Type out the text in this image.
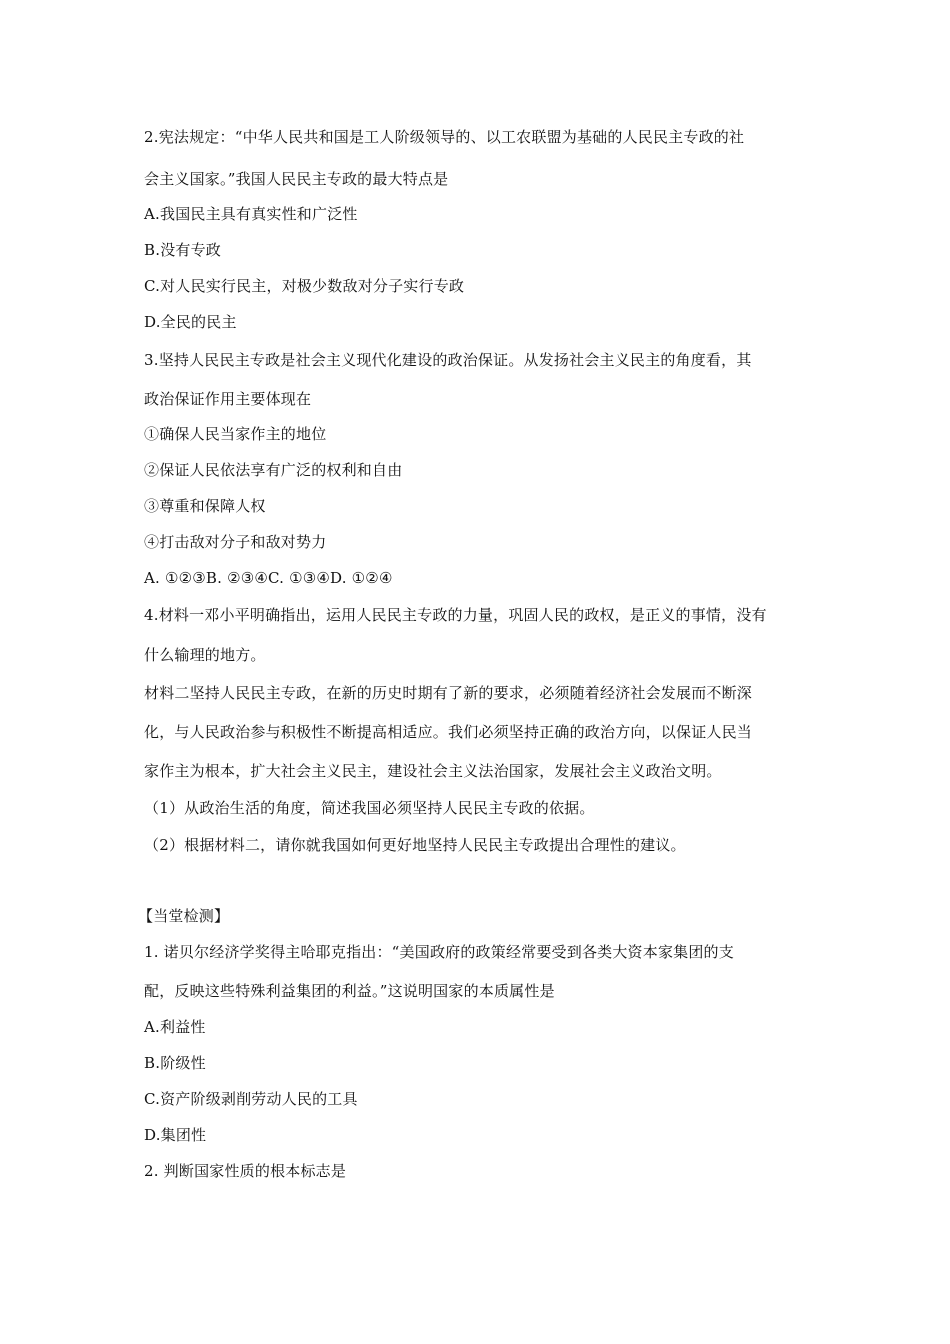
2.宪法规定：“中华人民共和国是工人阶级领导的、以工农联盟为基础的人民民主专政的社
会主义国家。”我国人民民主专政的最大特点是
A.我国民主具有真实性和广泛性
B.没有专政
C.对人民实行民主，对极少数敌对分子实行专政
D.全民的民主
3.坚持人民民主专政是社会主义现代化建设的政治保证。从发扬社会主义民主的角度看，其
政治保证作用主要体现在
①确保人民当家作主的地位
②保证人民依法享有广泛的权利和自由
③尊重和保障人权
④打击敌对分子和敌对势力
A. ①②③B. ②③④C. ①③④D. ①②④
4.材料一邓小平明确指出，运用人民民主专政的力量，巩固人民的政权，是正义的事情，没有
什么输理的地方。
材料二坚持人民民主专政，在新的历史时期有了新的要求，必须随着经济社会发展而不断深
化，与人民政治参与积极性不断提高相适应。我们必须坚持正确的政治方向，以保证人民当
家作主为根本，扩大社会主义民主，建设社会主义法治国家，发展社会主义政治文明。
（1）从政治生活的角度，简述我国必须坚持人民民主专政的依据。
（2）根据材料二，请你就我国如何更好地坚持人民民主专政提出合理性的建议。
【当堂检测】
1. 诺贝尔经济学奖得主哈耶克指出：“美国政府的政策经常要受到各类大资本家集团的支
配，反映这些特殊利益集团的利益。”这说明国家的本质属性是
A.利益性
B.阶级性
C.资产阶级剥削劳动人民的工具
D.集团性
2. 判断国家性质的根本标志是
